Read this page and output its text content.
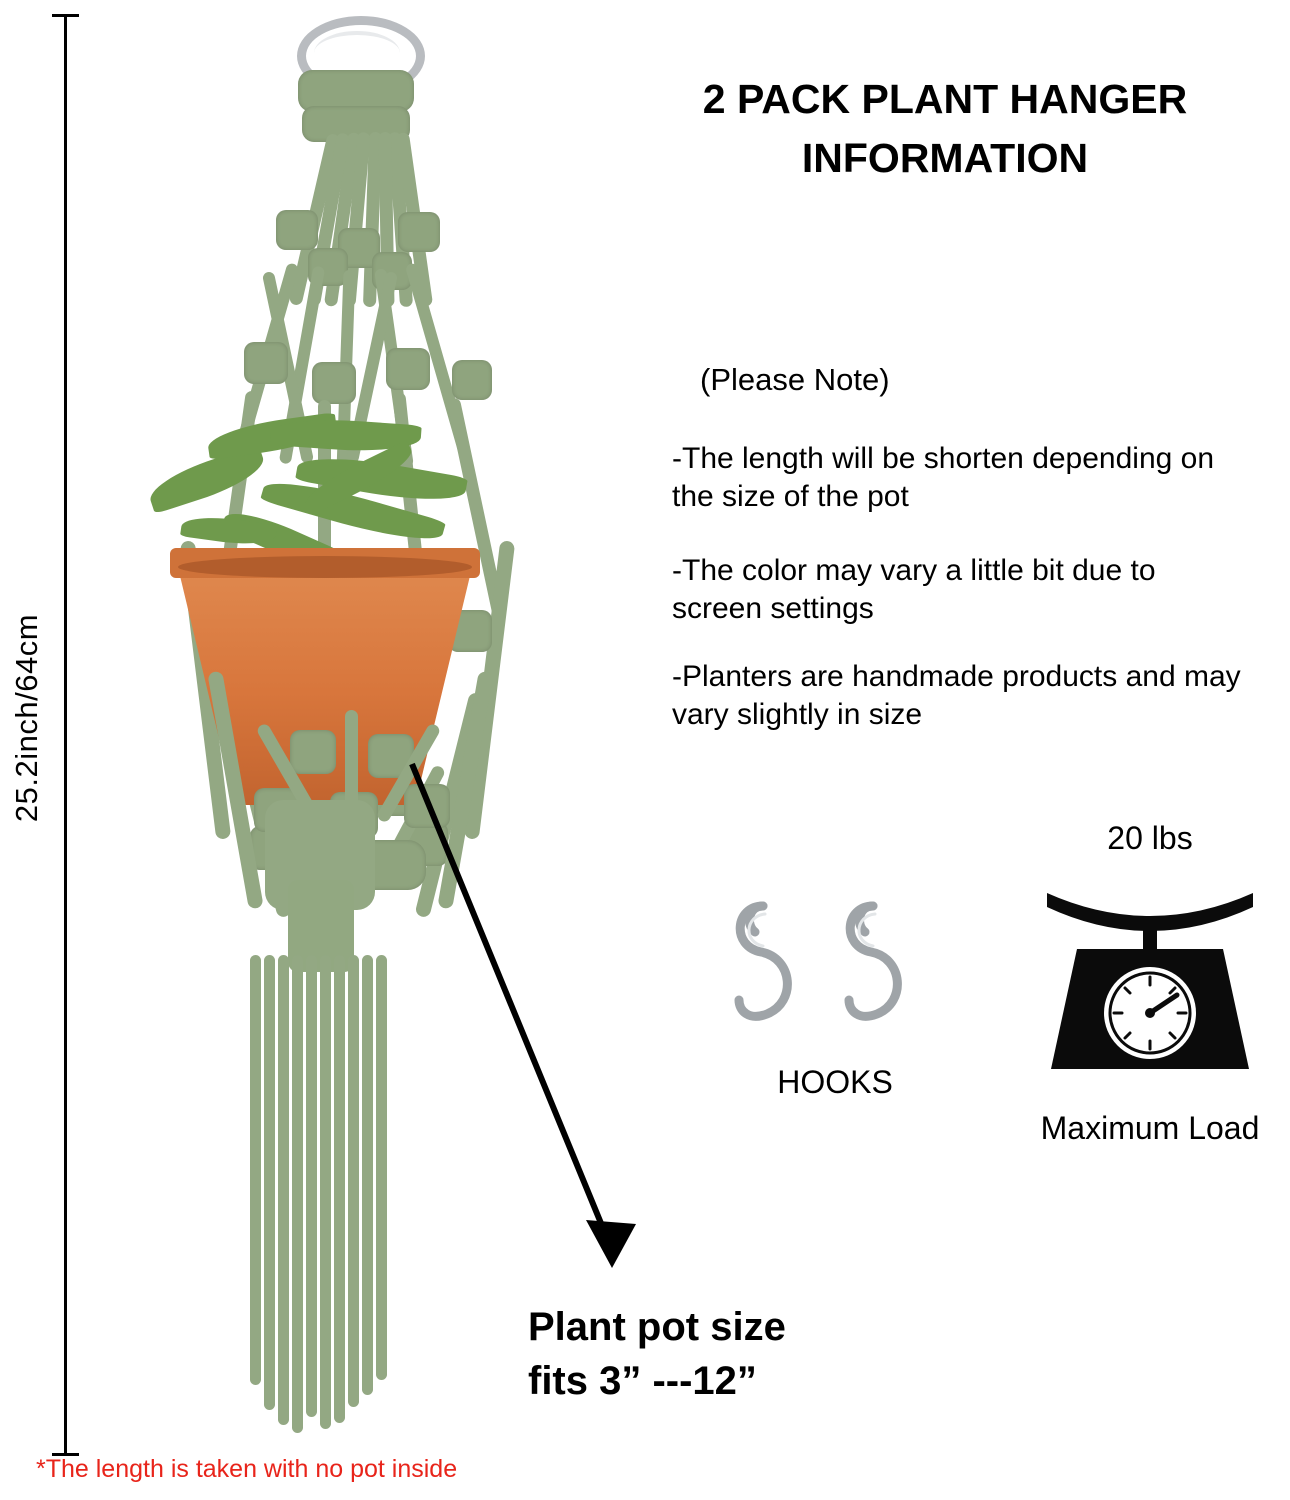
25.2inch/64cm
Plant pot size
fits 3” ---12”
*The length is taken with no pot inside
2 PACK PLANT HANGER INFORMATION
(Please Note)
-The length will be shorten depending on the size of the pot
-The color may vary a little bit due to screen settings
-Planters are handmade products and may vary slightly in size
HOOKS
20 lbs
Maximum Load
